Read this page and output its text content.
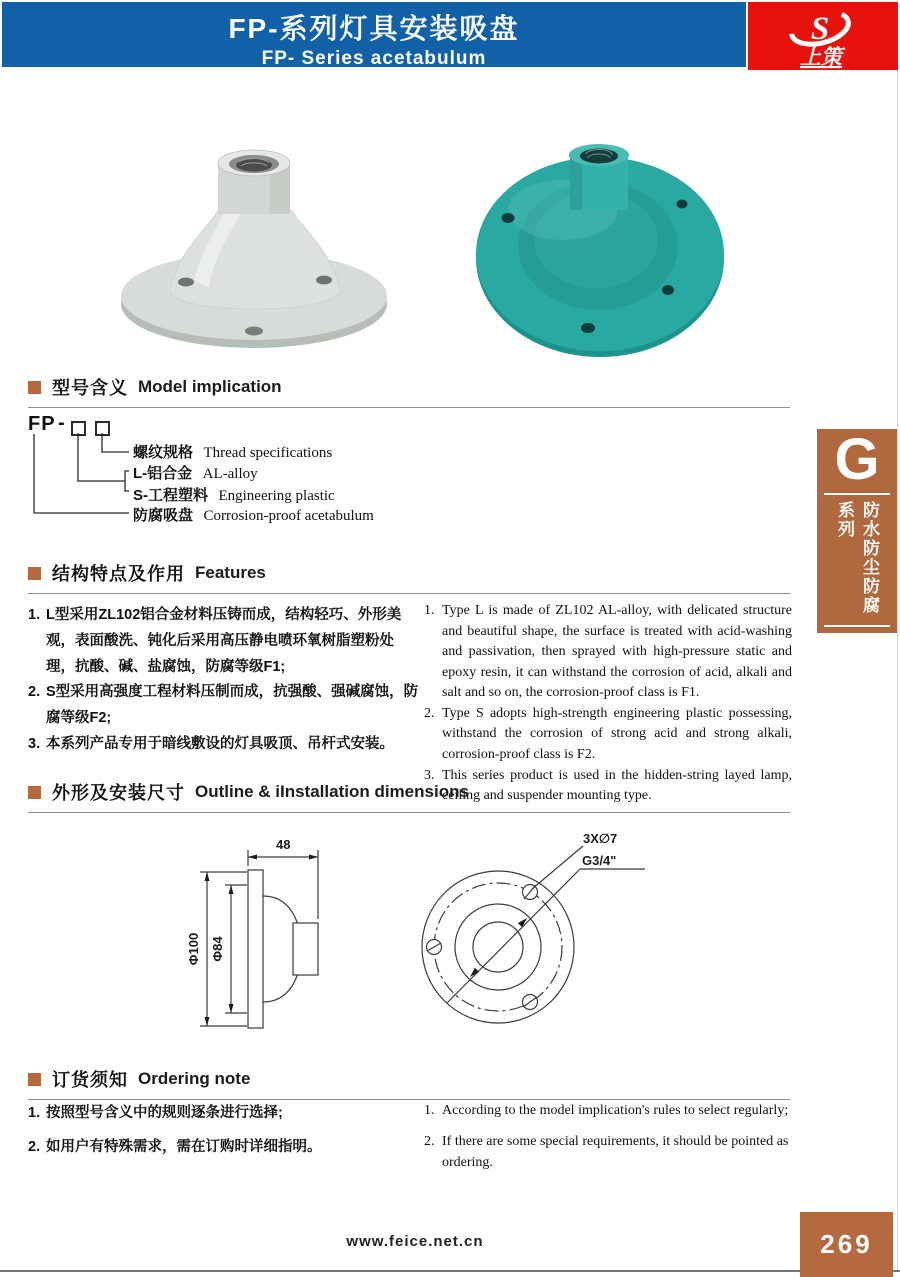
FP-系列灯具安装吸盘
FP- Series acetabulum
S
上策
型号含义 Model implication
FP -
螺纹规格 Thread specifications
L-铝合金 AL-alloy
S-工程塑料 Engineering plastic
防腐吸盘 Corrosion-proof acetabulum
结构特点及作用 Features
1. L型采用ZL102铝合金材料压铸而成，结构轻巧、外形美观，表面酸洗、钝化后采用高压静电喷环氧树脂塑粉处理，抗酸、碱、盐腐蚀，防腐等级F1;
2. S型采用高强度工程材料压制而成，抗强酸、强碱腐蚀，防腐等级F2;
3. 本系列产品专用于暗线敷设的灯具吸顶、吊杆式安装。
1. Type L is made of ZL102 AL-alloy, with delicated structure and beautiful shape, the surface is treated with acid-washing and passivation, then sprayed with high-pressure static and epoxy resin, it can withstand the corrosion of acid, alkali and salt and so on, the corrosion-proof class is F1.
2. Type S adopts high-strength engineering plastic possessing, withstand the corrosion of strong acid and strong alkali, corrosion-proof class is F2.
3. This series product is used in the hidden-string layed lamp, ceiling and suspender mounting type.
外形及安装尺寸 Outline & iInstallation dimensions
48
Φ100 Φ84
G3/4"
3X∅7
订货须知 Ordering note
1. 按照型号含义中的规则逐条进行选择;
2. 如用户有特殊需求，需在订购时详细指明。
1. According to the model implication's rules to select regularly;
2. If there are some special requirements, it should be pointed as ordering.
G
防水防尘防腐系列
www.feice.net.cn	269
